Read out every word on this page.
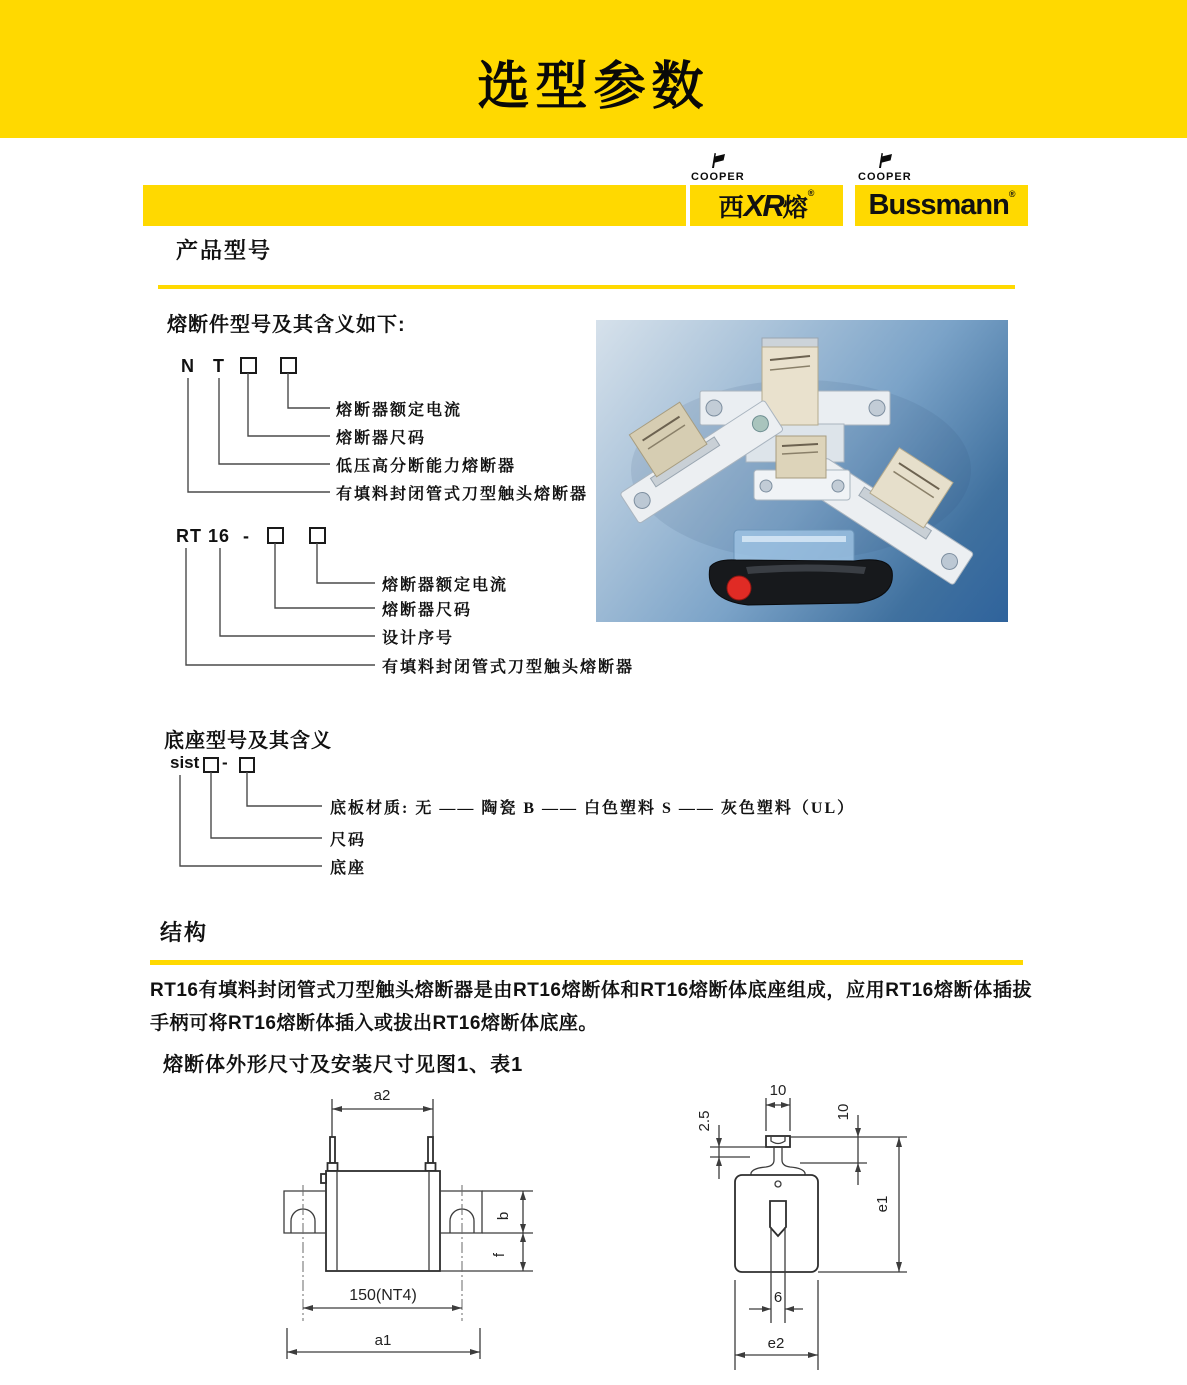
选型参数
COOPER
西XR熔®
COOPER
Bussmann®
产品型号
熔断件型号及其含义如下:
N T
熔断器额定电流
熔断器尺码
低压高分断能力熔断器
有填料封闭管式刀型触头熔断器
RT 16 -
熔断器额定电流
熔断器尺码
设计序号
有填料封闭管式刀型触头熔断器
底座型号及其含义
sist -
底板材质: 无 —— 陶瓷 B —— 白色塑料 S —— 灰色塑料（UL）
尺码
底座
结构
RT16有填料封闭管式刀型触头熔断器是由RT16熔断体和RT16熔断体底座组成，应用RT16熔断体插拔手柄可将RT16熔断体插入或拔出RT16熔断体底座。
熔断体外形尺寸及安装尺寸见图1、表1
a2
b
f
150(NT4)
a1
10
2.5	10
e1
6
e2
